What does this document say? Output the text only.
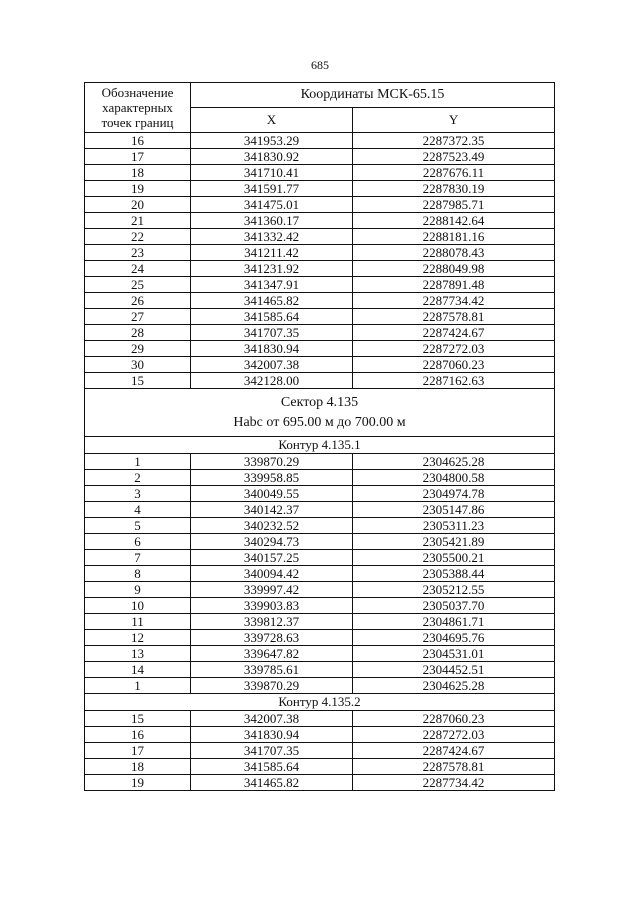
685
Обозначение
характерных
точек границ	Координаты МСК-65.15	
	X	Y
16	341953.29	2287372.35
17	341830.92	2287523.49
18	341710.41	2287676.11
19	341591.77	2287830.19
20	341475.01	2287985.71
21	341360.17	2288142.64
22	341332.42	2288181.16
23	341211.42	2288078.43
24	341231.92	2288049.98
25	341347.91	2287891.48
26	341465.82	2287734.42
27	341585.64	2287578.81
28	341707.35	2287424.67
29	341830.94	2287272.03
30	342007.38	2287060.23
15	342128.00	2287162.63

Сектор 4.135
Нabс от 695.00 м до 700.00 м		

Контур 4.135.1		
1	339870.29	2304625.28
2	339958.85	2304800.58
3	340049.55	2304974.78
4	340142.37	2305147.86
5	340232.52	2305311.23
6	340294.73	2305421.89
7	340157.25	2305500.21
8	340094.42	2305388.44
9	339997.42	2305212.55
10	339903.83	2305037.70
11	339812.37	2304861.71
12	339728.63	2304695.76
13	339647.82	2304531.01
14	339785.61	2304452.51
1	339870.29	2304625.28
Контур 4.135.2		
15	342007.38	2287060.23
16	341830.94	2287272.03
17	341707.35	2287424.67
18	341585.64	2287578.81
19	341465.82	2287734.42
